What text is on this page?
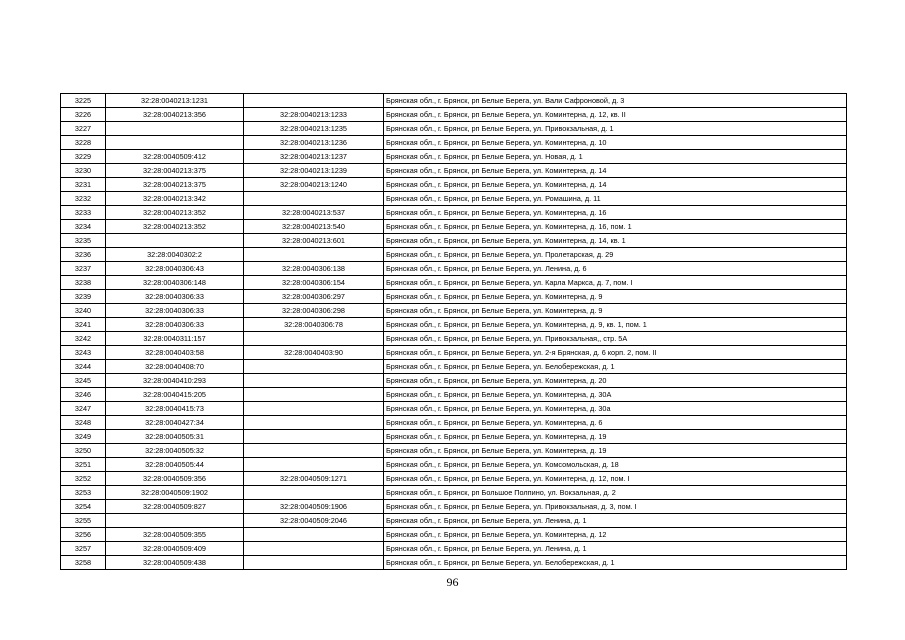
3225	32:28:0040213:1231		Брянская обл., г. Брянск, рп Белые Берега, ул. Вали Сафроновой, д. 3
3226	32:28:0040213:356	32:28:0040213:1233	Брянская обл., г. Брянск, рп Белые Берега, ул. Коминтерна, д. 12, кв. II
3227		32:28:0040213:1235	Брянская обл., г. Брянск, рп Белые Берега, ул. Привокзальная, д. 1
3228		32:28:0040213:1236	Брянская обл., г. Брянск, рп Белые Берега, ул. Коминтерна, д. 10
3229	32:28:0040509:412	32:28:0040213:1237	Брянская обл., г. Брянск, рп Белые Берега, ул. Новая, д. 1
3230	32:28:0040213:375	32:28:0040213:1239	Брянская обл., г. Брянск, рп Белые Берега, ул. Коминтерна, д. 14
3231	32:28:0040213:375	32:28:0040213:1240	Брянская обл., г. Брянск, рп Белые Берега, ул. Коминтерна, д. 14
3232	32:28:0040213:342		Брянская обл., г. Брянск, рп Белые Берега, ул. Ромашина, д. 11
3233	32:28:0040213:352	32:28:0040213:537	Брянская обл., г. Брянск, рп Белые Берега, ул. Коминтерна, д. 16
3234	32:28:0040213:352	32:28:0040213:540	Брянская обл., г. Брянск, рп Белые Берега, ул. Коминтерна, д. 16, пом. 1
3235		32:28:0040213:601	Брянская обл., г. Брянск, рп Белые Берега, ул. Коминтерна, д. 14, кв. 1
3236	32:28:0040302:2		Брянская обл., г. Брянск, рп Белые Берега, ул. Пролетарская, д. 29
3237	32:28:0040306:43	32:28:0040306:138	Брянская обл., г. Брянск, рп Белые Берега, ул. Ленина, д. 6
3238	32:28:0040306:148	32:28:0040306:154	Брянская обл., г. Брянск, рп Белые Берега, ул. Карла Маркса, д. 7, пом. I
3239	32:28:0040306:33	32:28:0040306:297	Брянская обл., г. Брянск, рп Белые Берега, ул. Коминтерна, д. 9
3240	32:28:0040306:33	32:28:0040306:298	Брянская обл., г. Брянск, рп Белые Берега, ул. Коминтерна, д. 9
3241	32:28:0040306:33	32:28:0040306:78	Брянская обл., г. Брянск, рп Белые Берега, ул. Коминтерна, д. 9, кв. 1, пом. 1
3242	32:28:0040311:157		Брянская обл., г. Брянск, рп Белые Берега, ул. Привокзальная,, стр. 5А
3243	32:28:0040403:58	32:28:0040403:90	Брянская обл., г. Брянск, рп Белые Берега, ул. 2-я Брянская, д. 6 корп. 2, пом. II
3244	32:28:0040408:70		Брянская обл., г. Брянск, рп Белые Берега, ул. Белобережская, д. 1
3245	32:28:0040410:293		Брянская обл., г. Брянск, рп Белые Берега, ул. Коминтерна, д. 20
3246	32:28:0040415:205		Брянская обл., г. Брянск, рп Белые Берега, ул. Коминтерна, д. 30А
3247	32:28:0040415:73		Брянская обл., г. Брянск, рп Белые Берега, ул. Коминтерна, д. 30а
3248	32:28:0040427:34		Брянская обл., г. Брянск, рп Белые Берега, ул. Коминтерна, д. 6
3249	32:28:0040505:31		Брянская обл., г. Брянск, рп Белые Берега, ул. Коминтерна, д. 19
3250	32:28:0040505:32		Брянская обл., г. Брянск, рп Белые Берега, ул. Коминтерна, д. 19
3251	32:28:0040505:44		Брянская обл., г. Брянск, рп Белые Берега, ул. Комсомольская, д. 18
3252	32:28:0040509:356	32:28:0040509:1271	Брянская обл., г. Брянск, рп Белые Берега, ул. Коминтерна, д. 12, пом. I
3253	32:28:0040509:1902		Брянская обл., г. Брянск, рп Большое Полпино, ул. Вокзальная, д. 2
3254	32:28:0040509:827	32:28:0040509:1906	Брянская обл., г. Брянск, рп Белые Берега, ул. Привокзальная, д. 3, пом. I
3255		32:28:0040509:2046	Брянская обл., г. Брянск, рп Белые Берега, ул. Ленина, д. 1
3256	32:28:0040509:355		Брянская обл., г. Брянск, рп Белые Берега, ул. Коминтерна, д. 12
3257	32:28:0040509:409		Брянская обл., г. Брянск, рп Белые Берега, ул. Ленина, д. 1
3258	32:28:0040509:438		Брянская обл., г. Брянск, рп Белые Берега, ул. Белобережская, д. 1
96
